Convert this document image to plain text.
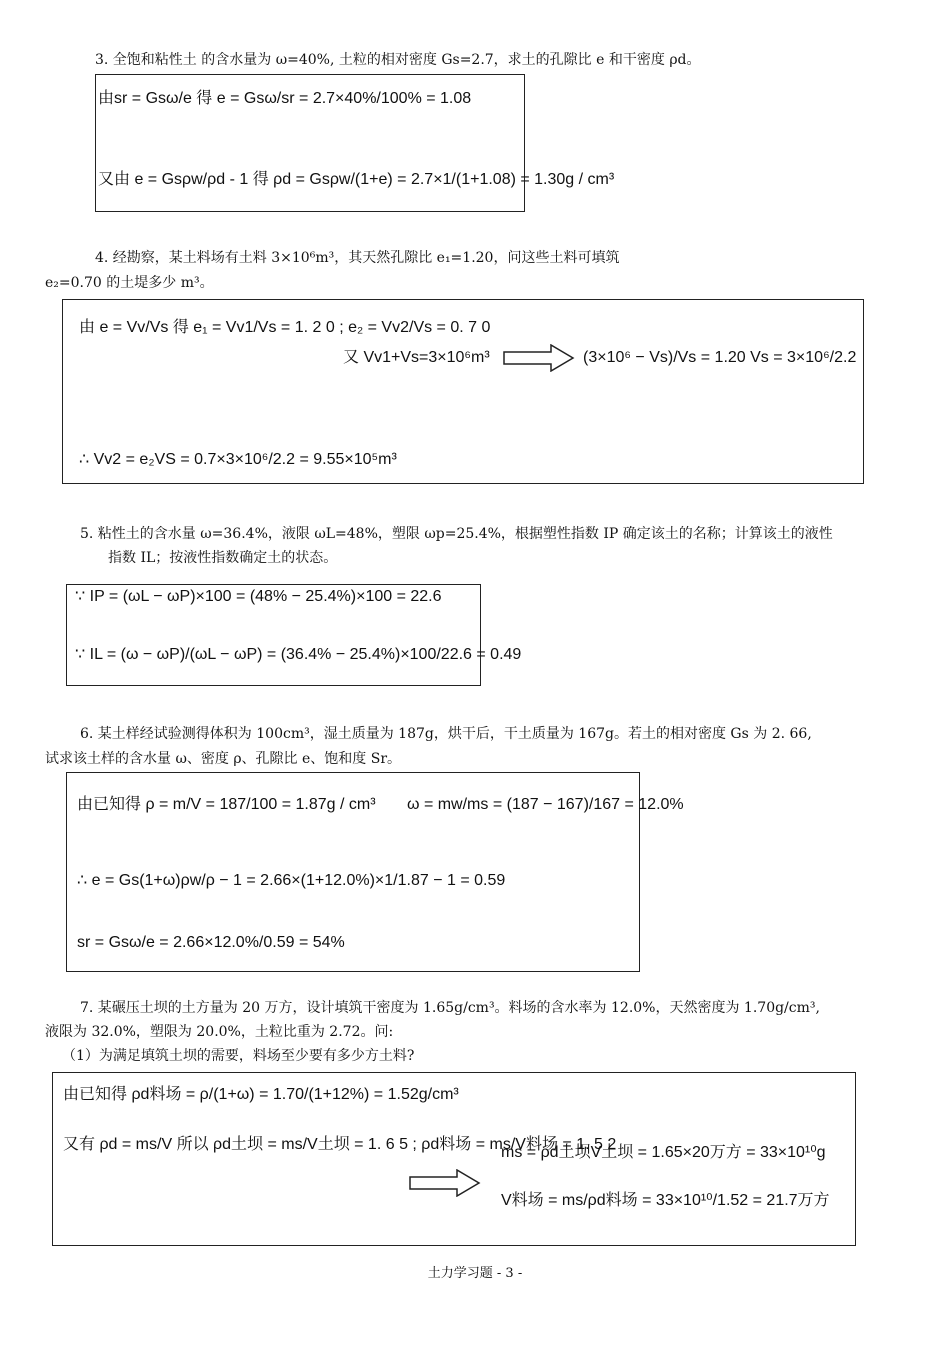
3. 全饱和粘性土 的含水量为 ω=40%, 土粒的相对密度 Gs=2.7，求土的孔隙比 e 和干密度 ρd。
由sr = Gsω/e 得 e = Gsω/sr = 2.7×40%/100% = 1.08
又由 e = Gsρw/ρd - 1 得 ρd = Gsρw/(1+e) = 2.7×1/(1+1.08) = 1.30g / cm³
4. 经勘察，某土料场有土料 3×10⁶m³，其天然孔隙比 e₁=1.20，问这些土料可填筑
e₂=0.70 的土堤多少 m³。
由 e = Vv/Vs 得 e₁ = Vv1/Vs = 1. 2 0 ; e₂ = Vv2/Vs = 0. 7 0
又 Vv1+Vs=3×10⁶m³	(3×10⁶ − Vs)/Vs = 1.20 Vs = 3×10⁶/2.2
∴ Vv2 = e₂VS = 0.7×3×10⁶/2.2 = 9.55×10⁵m³
5. 粘性土的含水量 ω=36.4%，液限 ωL=48%，塑限 ωp=25.4%，根据塑性指数 IP 确定该土的名称；计算该土的液性
指数 IL；按液性指数确定土的状态。
∵ IP = (ωL − ωP)×100 = (48% − 25.4%)×100 = 22.6
∵ IL = (ω − ωP)/(ωL − ωP) = (36.4% − 25.4%)×100/22.6 = 0.49
6. 某土样经试验测得体积为 100cm³，湿土质量为 187g，烘干后，干土质量为 167g。若土的相对密度 Gs 为 2. 66,
试求该土样的含水量 ω、密度 ρ、孔隙比 e、饱和度 Sr。
由已知得 ρ = m/V = 187/100 = 1.87g / cm³ ω = mw/ms = (187 − 167)/167 = 12.0%
∴ e = Gs(1+ω)ρw/ρ − 1 = 2.66×(1+12.0%)×1/1.87 − 1 = 0.59
sr = Gsω/e = 2.66×12.0%/0.59 = 54%
7. 某碾压土坝的土方量为 20 万方，设计填筑干密度为 1.65g/cm³。料场的含水率为 12.0%，天然密度为 1.70g/cm³,
液限为 32.0%，塑限为 20.0%，土粒比重为 2.72。问:
（1）为满足填筑土坝的需要，料场至少要有多少方土料?
由已知得 ρd料场 = ρ/(1+ω) = 1.70/(1+12%) = 1.52g/cm³
又有 ρd = ms/V 所以 ρd土坝 = ms/V土坝 = 1. 6 5 ; ρd料场 = ms/V料场 = 1. 5 2
ms = ρd土坝V土坝 = 1.65×20万方 = 33×10¹⁰g
V料场 = ms/ρd料场 = 33×10¹⁰/1.52 = 21.7万方
土力学习题 - 3 -
